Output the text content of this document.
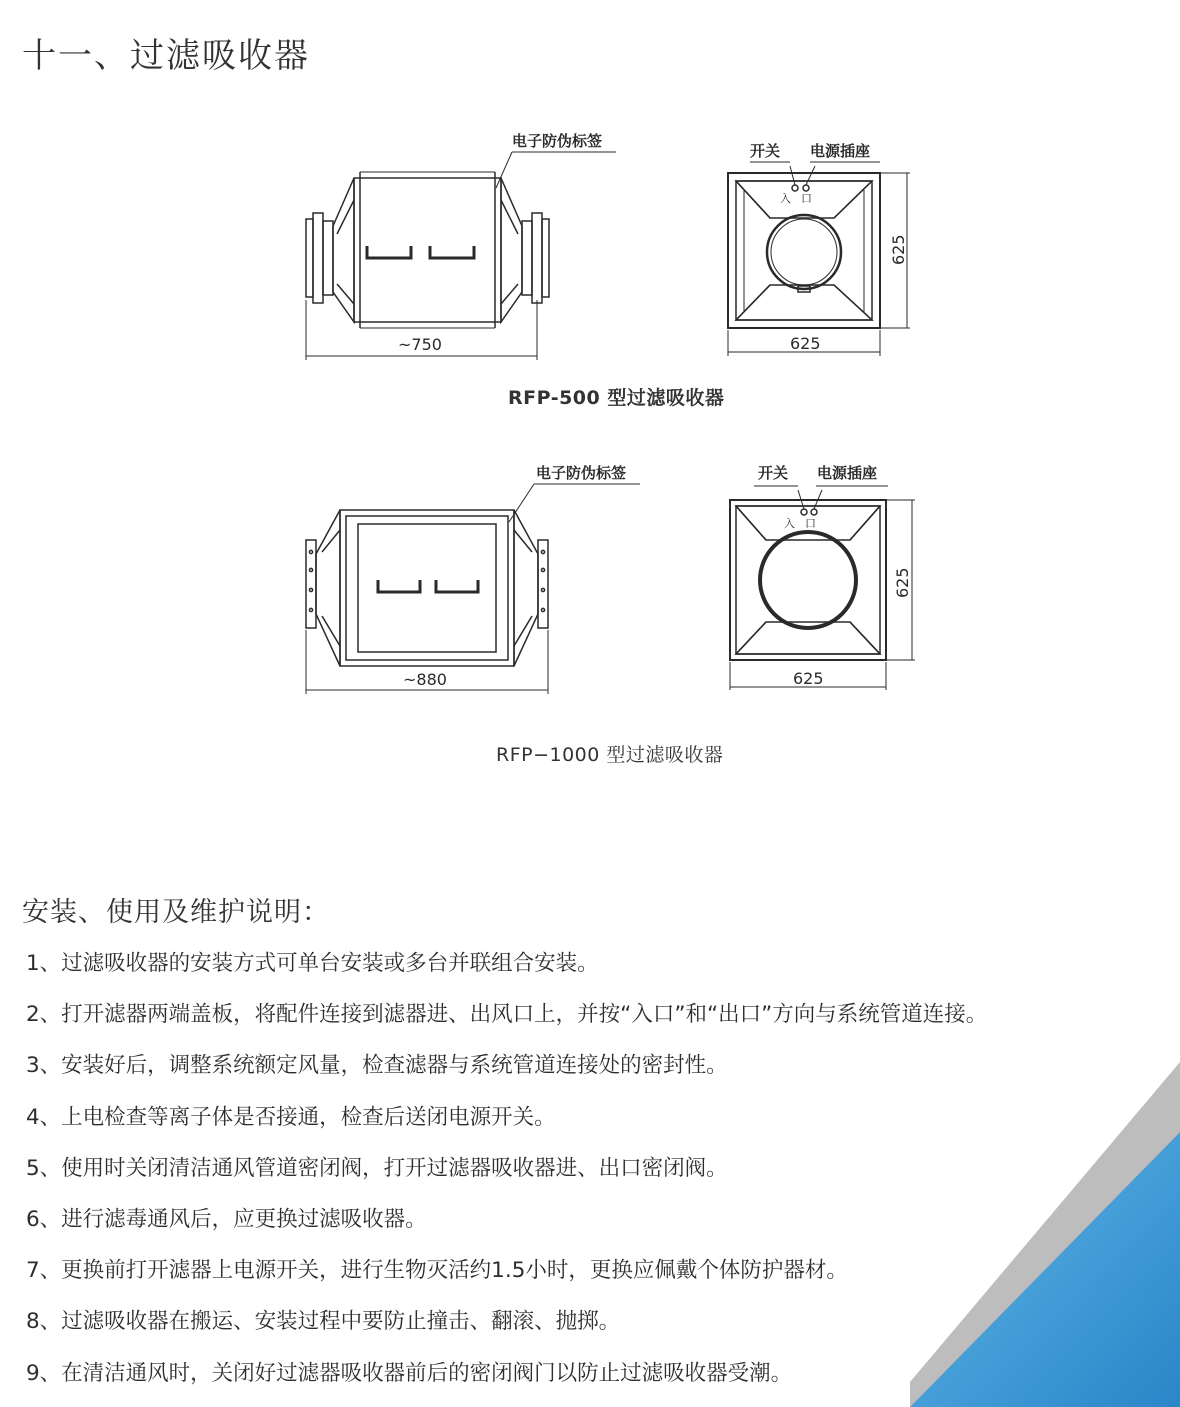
十一、过滤吸收器
电子防伪标签
~750
开关 电源插座
入口
625
625
电子防伪标签
~880
开关 电源插座
入口
625
625
RFP-500 型过滤吸收器
RFP−1000 型过滤吸收器
安装、使用及维护说明：
1、过滤吸收器的安装方式可单台安装或多台并联组合安装。
2、打开滤器两端盖板，将配件连接到滤器进、出风口上，并按“入口”和“出口”方向与系统管道连接。
3、安装好后，调整系统额定风量，检查滤器与系统管道连接处的密封性。
4、上电检查等离子体是否接通，检查后送闭电源开关。
5、使用时关闭清洁通风管道密闭阀，打开过滤器吸收器进、出口密闭阀。
6、进行滤毒通风后，应更换过滤吸收器。
7、更换前打开滤器上电源开关，进行生物灭活约1.5小时，更换应佩戴个体防护器材。
8、过滤吸收器在搬运、安装过程中要防止撞击、翻滚、抛掷。
9、在清洁通风时，关闭好过滤器吸收器前后的密闭阀门以防止过滤吸收器受潮。
